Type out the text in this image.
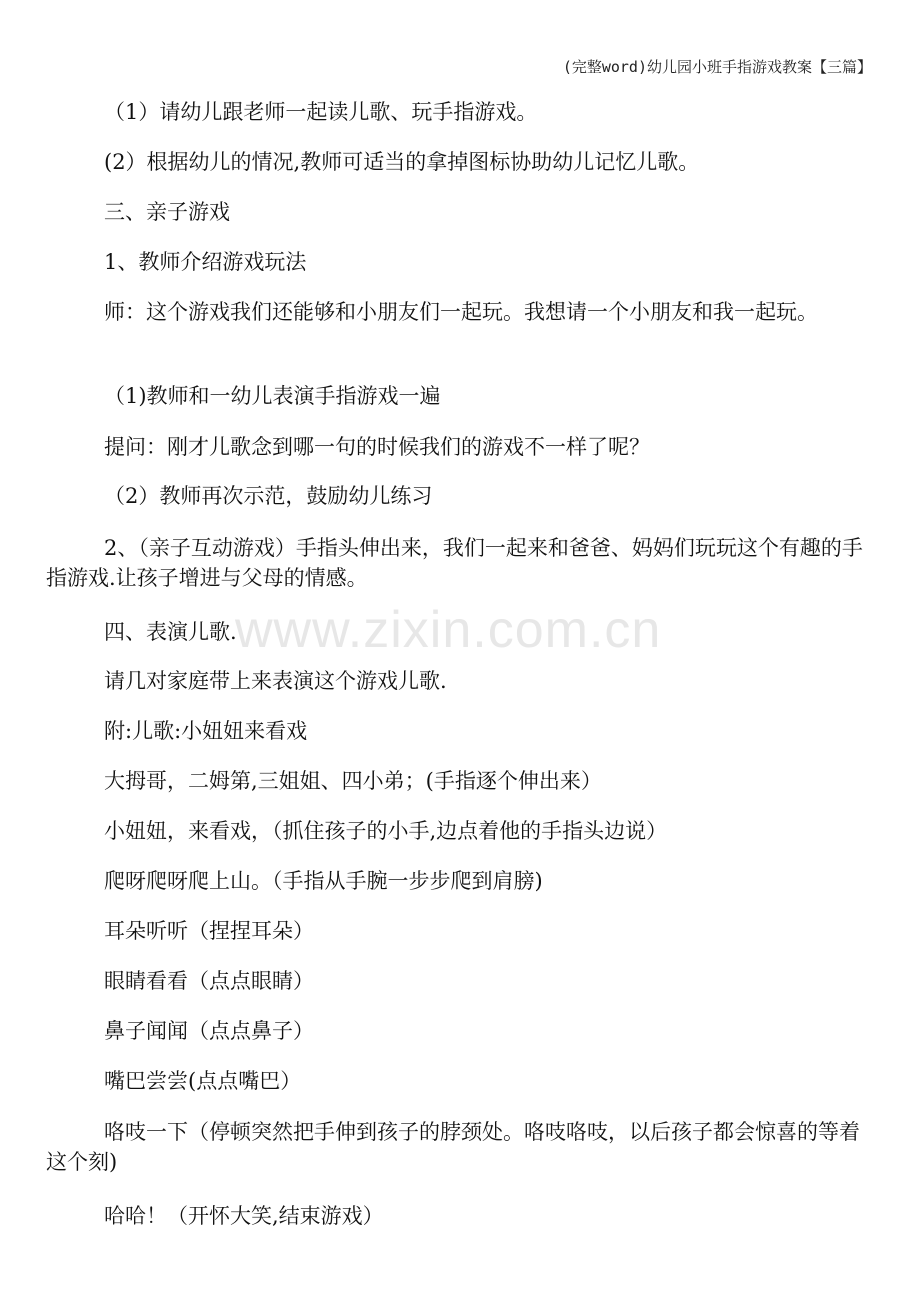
(完整word)幼儿园小班手指游戏教案【三篇】
www.zixin.com.cn
（1）请幼儿跟老师一起读儿歌、玩手指游戏。
(2）根据幼儿的情况,教师可适当的拿掉图标协助幼儿记忆儿歌。
三、亲子游戏
1、教师介绍游戏玩法
师：这个游戏我们还能够和小朋友们一起玩。我想请一个小朋友和我一起玩。
（1)教师和一幼儿表演手指游戏一遍
提问：刚才儿歌念到哪一句的时候我们的游戏不一样了呢？
（2）教师再次示范，鼓励幼儿练习
2、（亲子互动游戏）手指头伸出来，我们一起来和爸爸、妈妈们玩玩这个有趣的手指游戏.让孩子增进与父母的情感。
四、表演儿歌.
请几对家庭带上来表演这个游戏儿歌.
附:儿歌:小妞妞来看戏
大拇哥，二姆第,三姐姐、四小弟；(手指逐个伸出来）
小妞妞，来看戏，（抓住孩子的小手,边点着他的手指头边说）
爬呀爬呀爬上山。（手指从手腕一步步爬到肩膀)
耳朵听听（捏捏耳朵）
眼睛看看（点点眼睛）
鼻子闻闻（点点鼻子）
嘴巴尝尝(点点嘴巴）
咯吱一下（停顿突然把手伸到孩子的脖颈处。咯吱咯吱，以后孩子都会惊喜的等着这个刻)
哈哈！（开怀大笑,结束游戏）
